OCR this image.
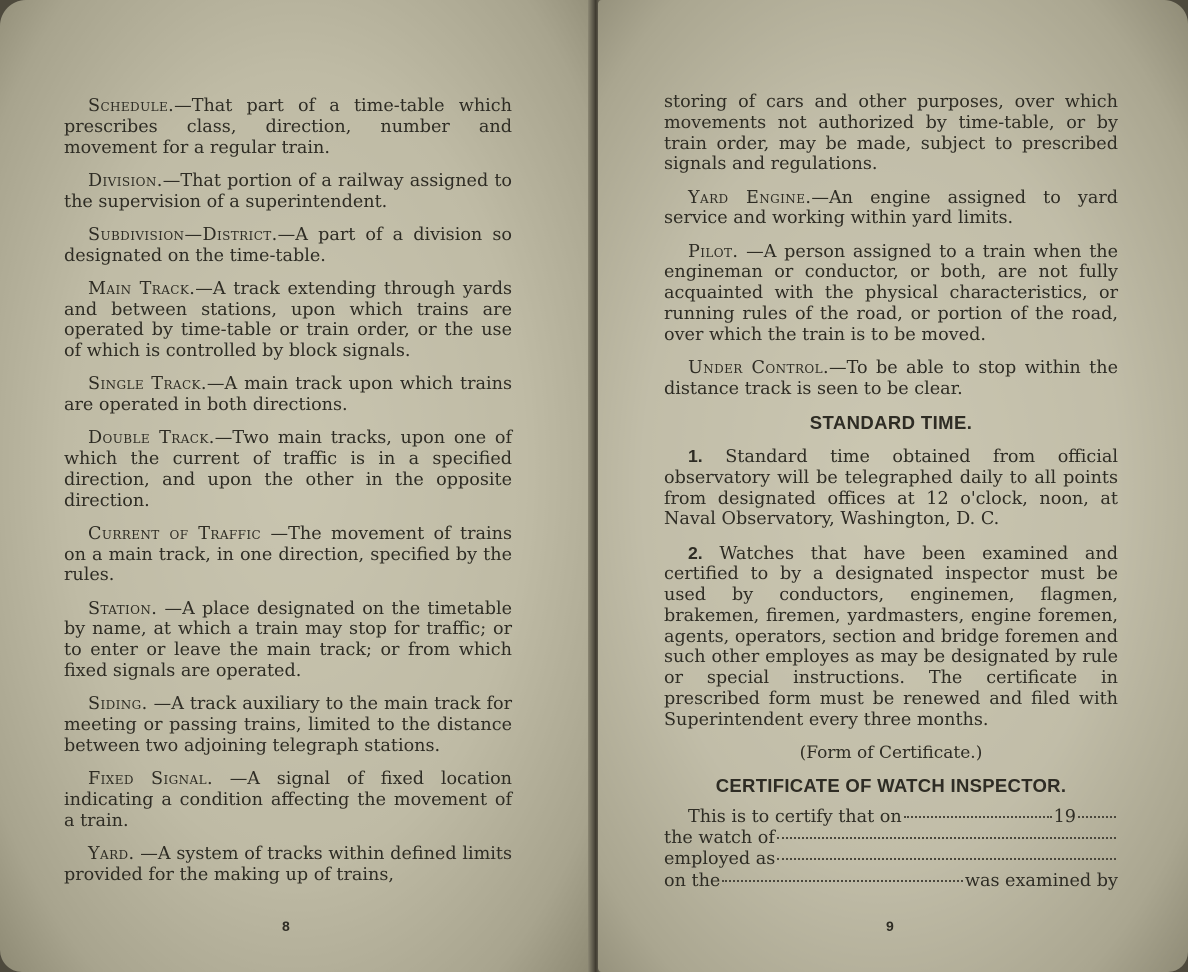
Schedule.—That part of a time-table which prescribes class, direction, number and movement for a regular train.

Division.—That portion of a railway assigned to the supervision of a superintendent.

Subdivision—District.—A part of a division so designated on the time-table.

Main Track.—A track extending through yards and between stations, upon which trains are operated by time-table or train order, or the use of which is controlled by block signals.

Single Track.—A main track upon which trains are operated in both directions.

Double Track.—Two main tracks, upon one of which the current of traffic is in a specified direction, and upon the other in the opposite direction.

Current of Traffic —The movement of trains on a main track, in one direction, specified by the rules.

Station. —A place designated on the timetable by name, at which a train may stop for traffic; or to enter or leave the main track; or from which fixed signals are operated.

Siding. —A track auxiliary to the main track for meeting or passing trains, limited to the distance between two adjoining telegraph stations.

Fixed Signal. —A signal of fixed location indicating a condition affecting the movement of a train.

Yard. —A system of tracks within defined limits provided for the making up of trains,

8

storing of cars and other purposes, over which movements not authorized by time-table, or by train order, may be made, subject to prescribed signals and regulations.

Yard Engine.—An engine assigned to yard service and working within yard limits.

Pilot. —A person assigned to a train when the engineman or conductor, or both, are not fully acquainted with the physical characteristics, or running rules of the road, or portion of the road, over which the train is to be moved.

Under Control.—To be able to stop within the distance track is seen to be clear.

STANDARD TIME.

1. Standard time obtained from official observatory will be telegraphed daily to all points from designated offices at 12 o'clock, noon, at Naval Observatory, Washington, D. C.

2. Watches that have been examined and certified to by a designated inspector must be used by conductors, enginemen, flagmen, brakemen, firemen, yardmasters, engine foremen, agents, operators, section and bridge foremen and such other employes as may be designated by rule or special instructions. The certificate in prescribed form must be renewed and filed with Superintendent every three months.

(Form of Certificate.)

CERTIFICATE OF WATCH INSPECTOR.
This is to certify that on	19
the watch of
employed as
on the	was examined by
9
